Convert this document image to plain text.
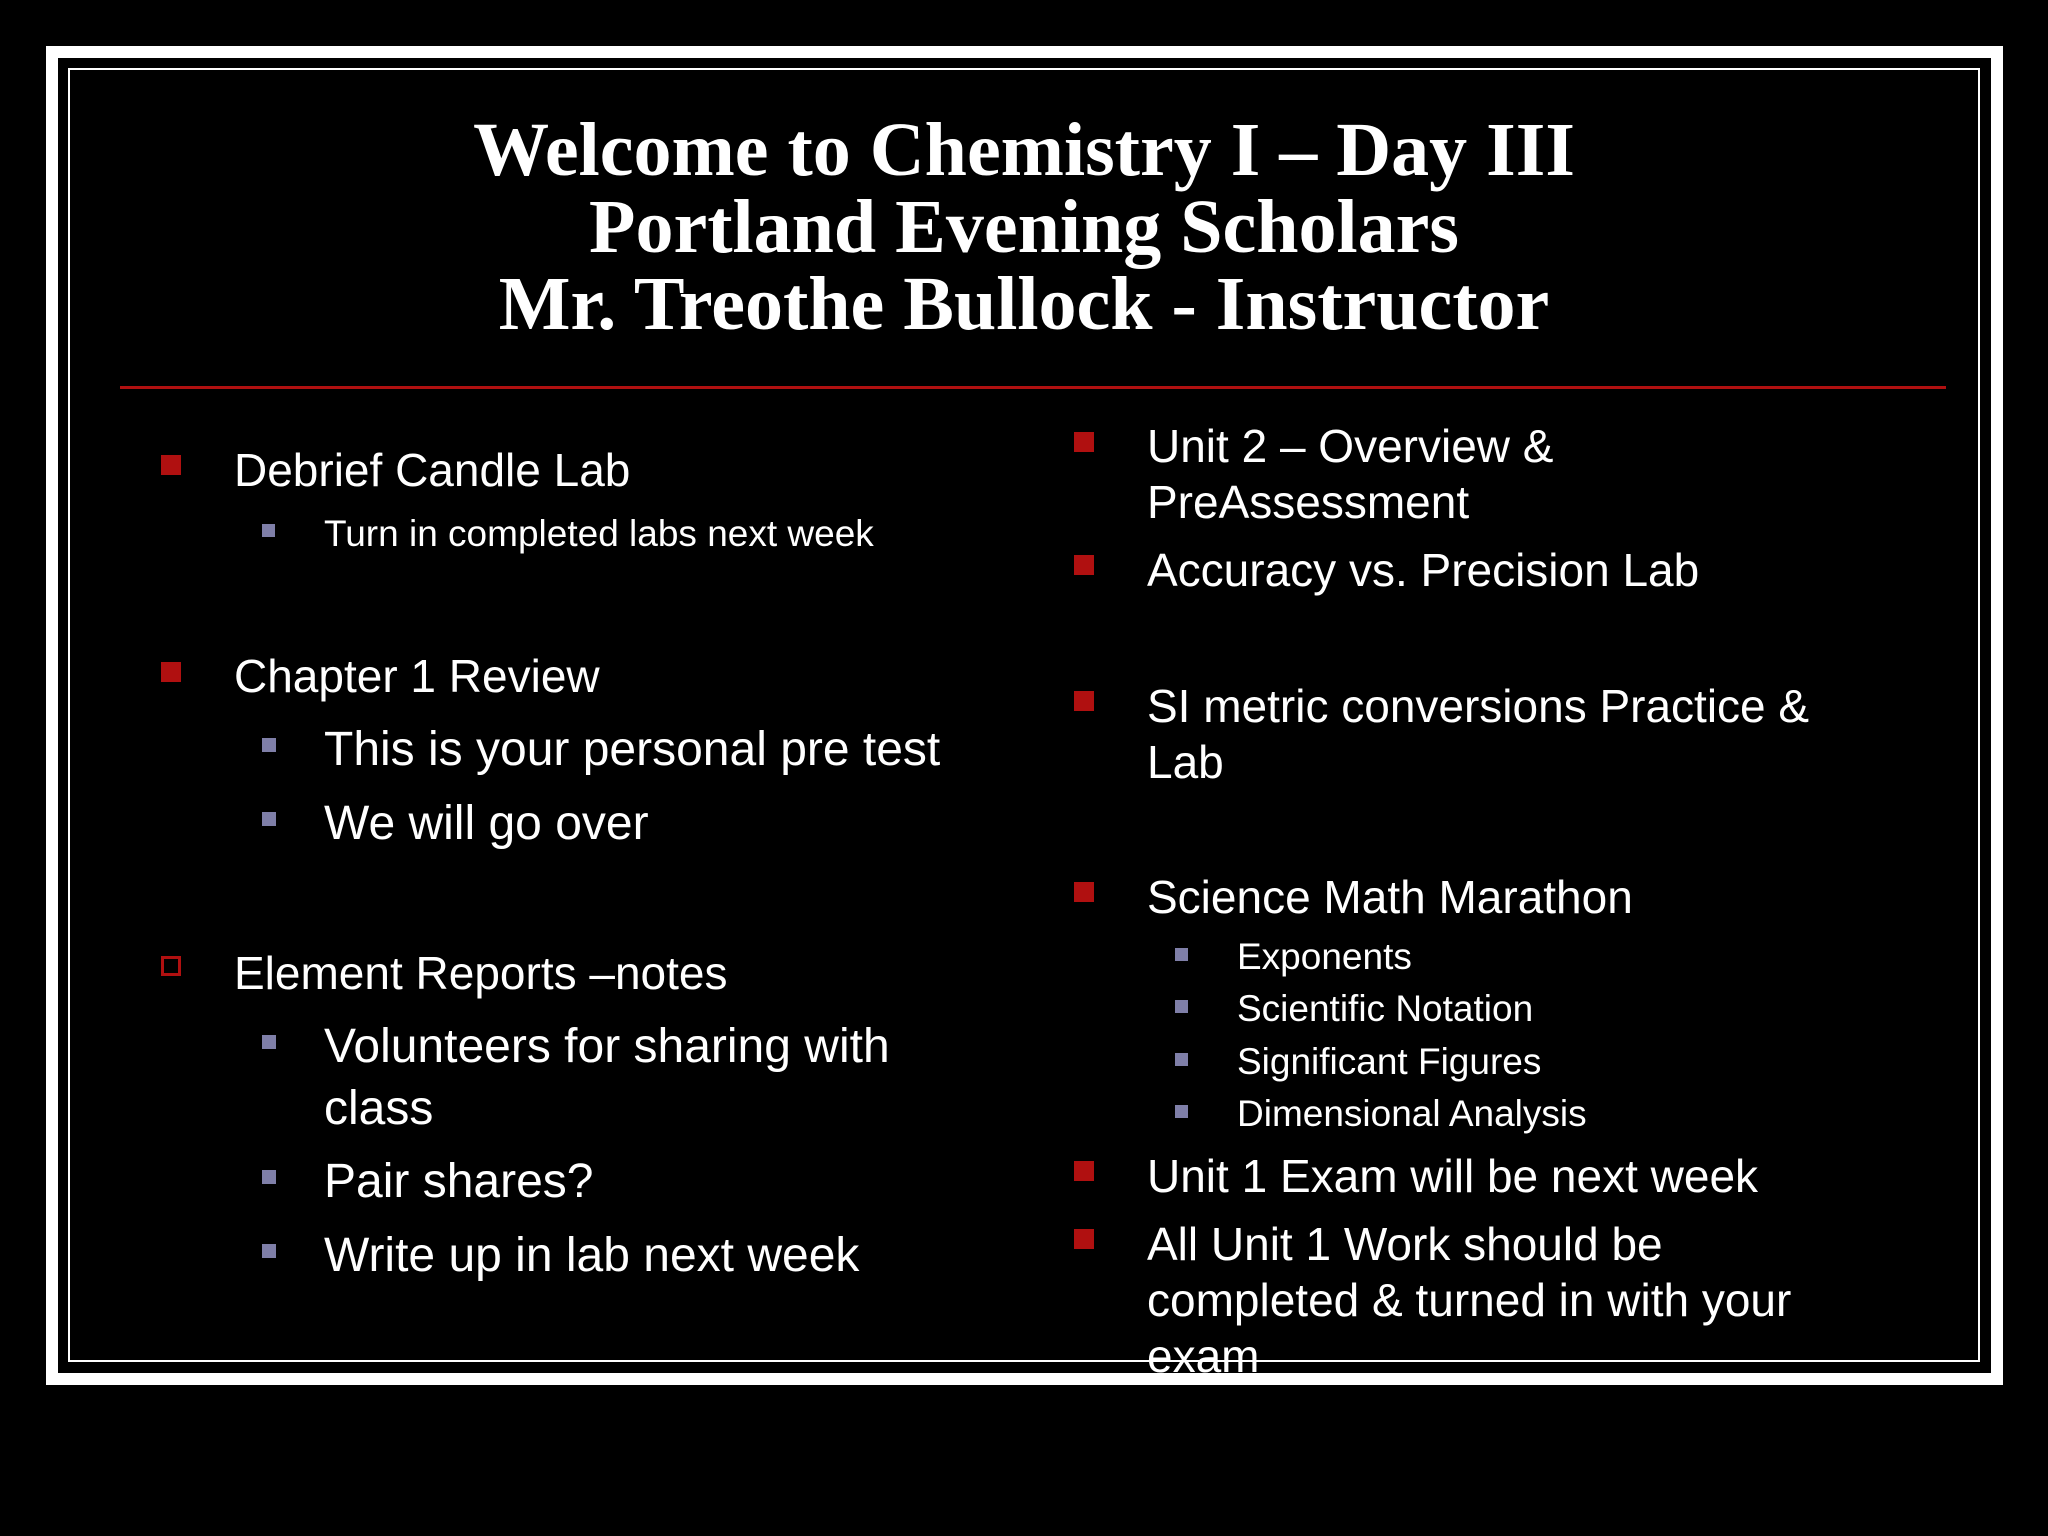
Welcome to Chemistry I – Day III
Portland Evening Scholars
Mr. Treothe Bullock - Instructor
Debrief Candle Lab
Turn in completed labs next week
Chapter 1 Review
This is your personal pre test
We will go over
Element Reports –notes
Volunteers for sharing with
class
Pair shares?
Write up in lab next week
Unit 2 – Overview &
PreAssessment
Accuracy vs. Precision Lab
SI metric conversions Practice &
Lab
Science Math Marathon
Exponents
Scientific Notation
Significant Figures
Dimensional Analysis
Unit 1 Exam will be next week
All Unit 1 Work should be
completed & turned in with your
exam
